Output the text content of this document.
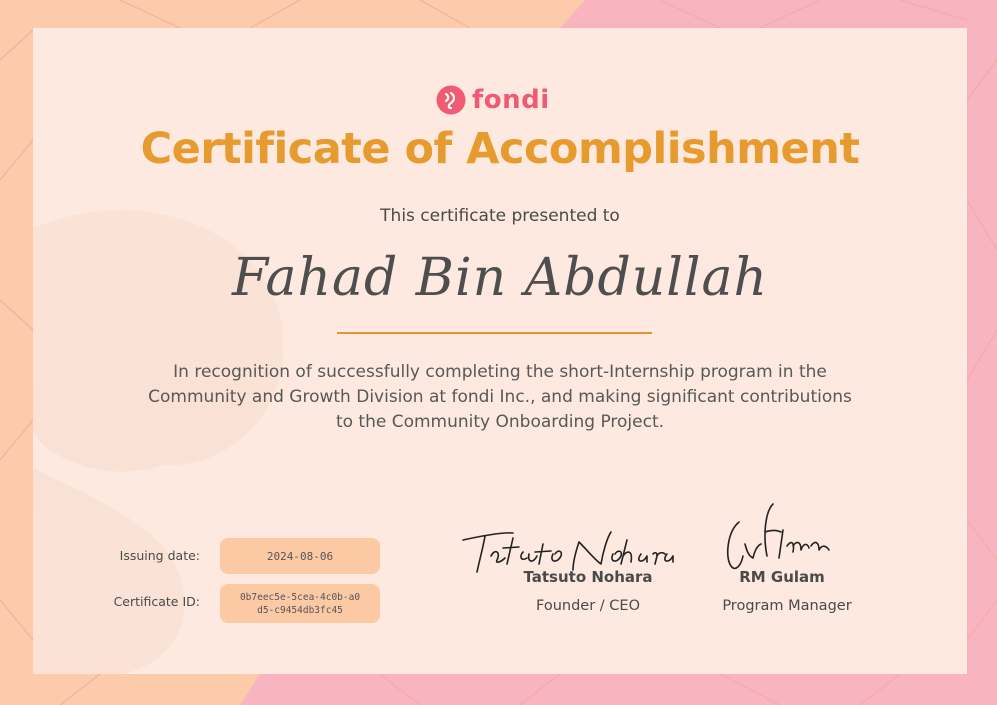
fondi
Certificate of Accomplishment
This certificate presented to
Fahad Bin Abdullah
In recognition of successfully completing the short-Internship program in the Community and Growth Division at fondi Inc., and making significant contributions to the Community Onboarding Project.
Issuing date:	2024-08-06
Certificate ID:	0b7eec5e-5cea-4c0b-a0d5-c9454db3fc45
Tatsuto Nohara
Founder / CEO
RM Gulam
Program Manager
